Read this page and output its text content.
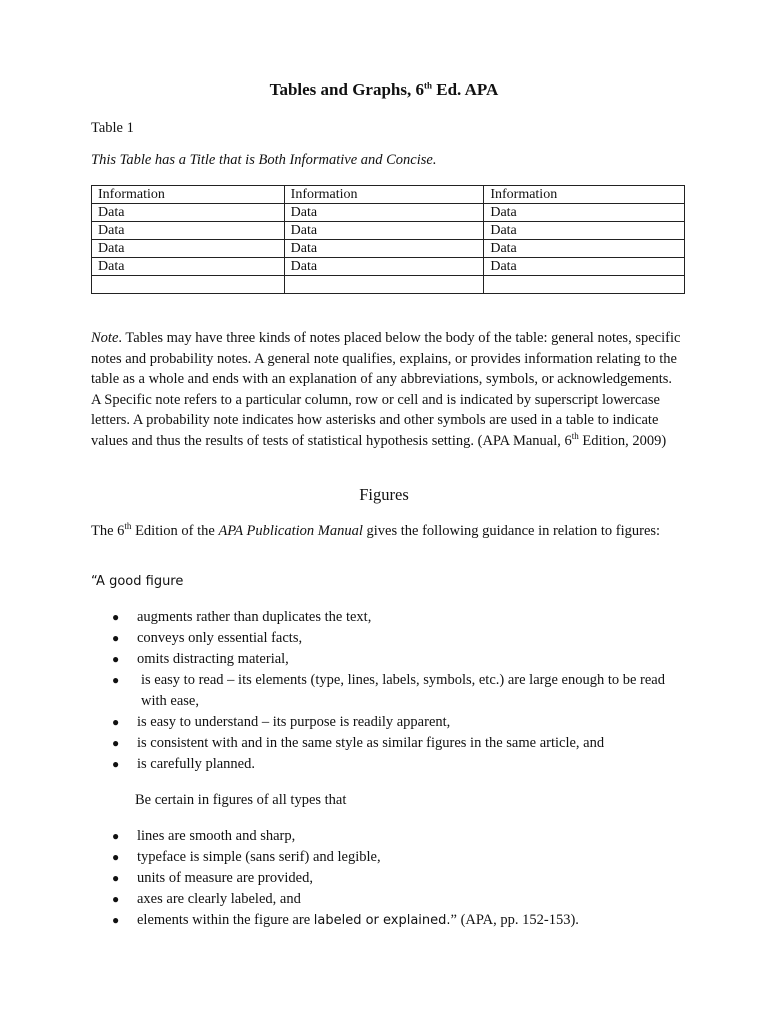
Tables and Graphs, 6th Ed. APA
Table 1
This Table has a Title that is Both Informative and Concise.
Information	Information	Information
Data	Data	Data
Data	Data	Data
Data	Data	Data
Data	Data	Data

Note. Tables may have three kinds of notes placed below the body of the table: general notes, specific notes and probability notes. A general note qualifies, explains, or provides information relating to the table as a whole and ends with an explanation of any abbreviations, symbols, or acknowledgements. A Specific note refers to a particular column, row or cell and is indicated by superscript lowercase letters. A probability note indicates how asterisks and other symbols are used in a table to indicate values and thus the results of tests of statistical hypothesis setting. (APA Manual, 6th Edition, 2009)
Figures
The 6th Edition of the APA Publication Manual gives the following guidance in relation to figures:
“A good figure
● augments rather than duplicates the text,
● conveys only essential facts,
● omits distracting material,
● is easy to read – its elements (type, lines, labels, symbols, etc.) are large enough to be read with ease,
● is easy to understand – its purpose is readily apparent,
● is consistent with and in the same style as similar figures in the same article, and
● is carefully planned.
Be certain in figures of all types that
● lines are smooth and sharp,
● typeface is simple (sans serif) and legible,
● units of measure are provided,
● axes are clearly labeled, and
● elements within the figure are labeled or explained.” (APA, pp. 152-153).
